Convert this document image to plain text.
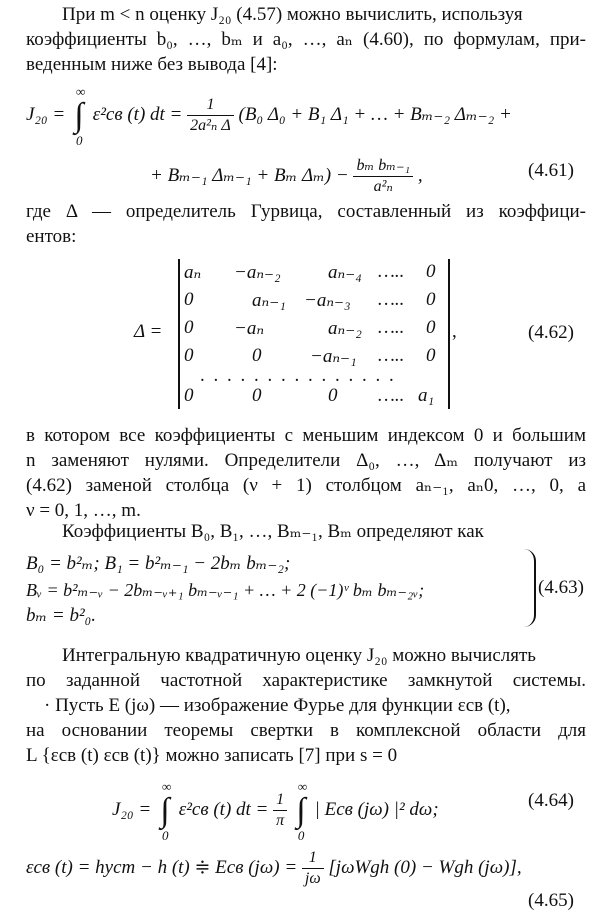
При m < n оценку J₂₀ (4.57) можно вычислить, используя
коэффициенты b₀, …, bₘ и a₀, …, aₙ (4.60), по формулам, при-
веденным ниже без вывода [4]:
J₂₀ = ∫
∞
0
ε²св (t) dt = $\frac{1}{\text{2a²ₙ Δ}} (B_0$ Δ₀ + B₁ Δ₁ + … + Bₘ₋₂ Δₘ₋₂ +
+ Bₘ₋₁ Δₘ₋₁ + Bₘ $\Delta_m) - \frac{\text{bₘ bₘ₋₁}}{\text{a²ₙ}}$ ,	(4.61)
где Δ — определитель Гурвица, составленный из коэффици-
ентов:
Δ =
aₙ −aₙ₋₂ aₙ₋₄ ….. 0
0	aₙ₋₁ −aₙ₋₃ ….. 0
0 −aₙ	aₙ₋₂ ….. 0
0	0	−aₙ₋₁ ….. 0
. . . . . . . . . . . . . . .
0	0	0 ….. a₁
,	(4.62)
в котором все коэффициенты с меньшим индексом 0 и большим
n заменяют нулями. Определители Δ₀, …, Δₘ получают из
(4.62) заменой столбца (ν + 1) столбцом aₙ₋₁, aₙ0, …, 0, а
ν = 0, 1, …, m.
Коэффициенты B₀, B₁, …, Bₘ₋₁, Bₘ определяют как
B₀ = b²ₘ; B₁ = b²ₘ₋₁ − 2bₘ bₘ₋₂;
Bᵥ = b²ₘ₋ᵥ − 2bₘ₋ᵥ₊₁ bₘ₋ᵥ₋₁ + … + 2 (−1)ᵛ bₘ bₘ₋₂ᵥ;
bₘ = b²₀.
(4.63)
Интегральную квадратичную оценку J₂₀ можно вычислять
по заданной частотной характеристике замкнутой системы.
· Пусть E (jω) — изображение Фурье для функции εсв (t),
на основании теоремы свертки в комплексной области для
L {εсв (t) εсв (t)} можно записать [7] при s = 0
J₂₀ = ∫
∞
0
ε²св (t) dt = $\frac{1}{\pi}$ ∫
∞
0
| Eсв (jω) |² dω;	(4.64)
εсв (t) = hуст − h (t) ≑ Eсв $(j\omega) = \frac{1}{j\omega} [j\omega Wgh$ (0) − Wgh (jω)],
(4.65)
